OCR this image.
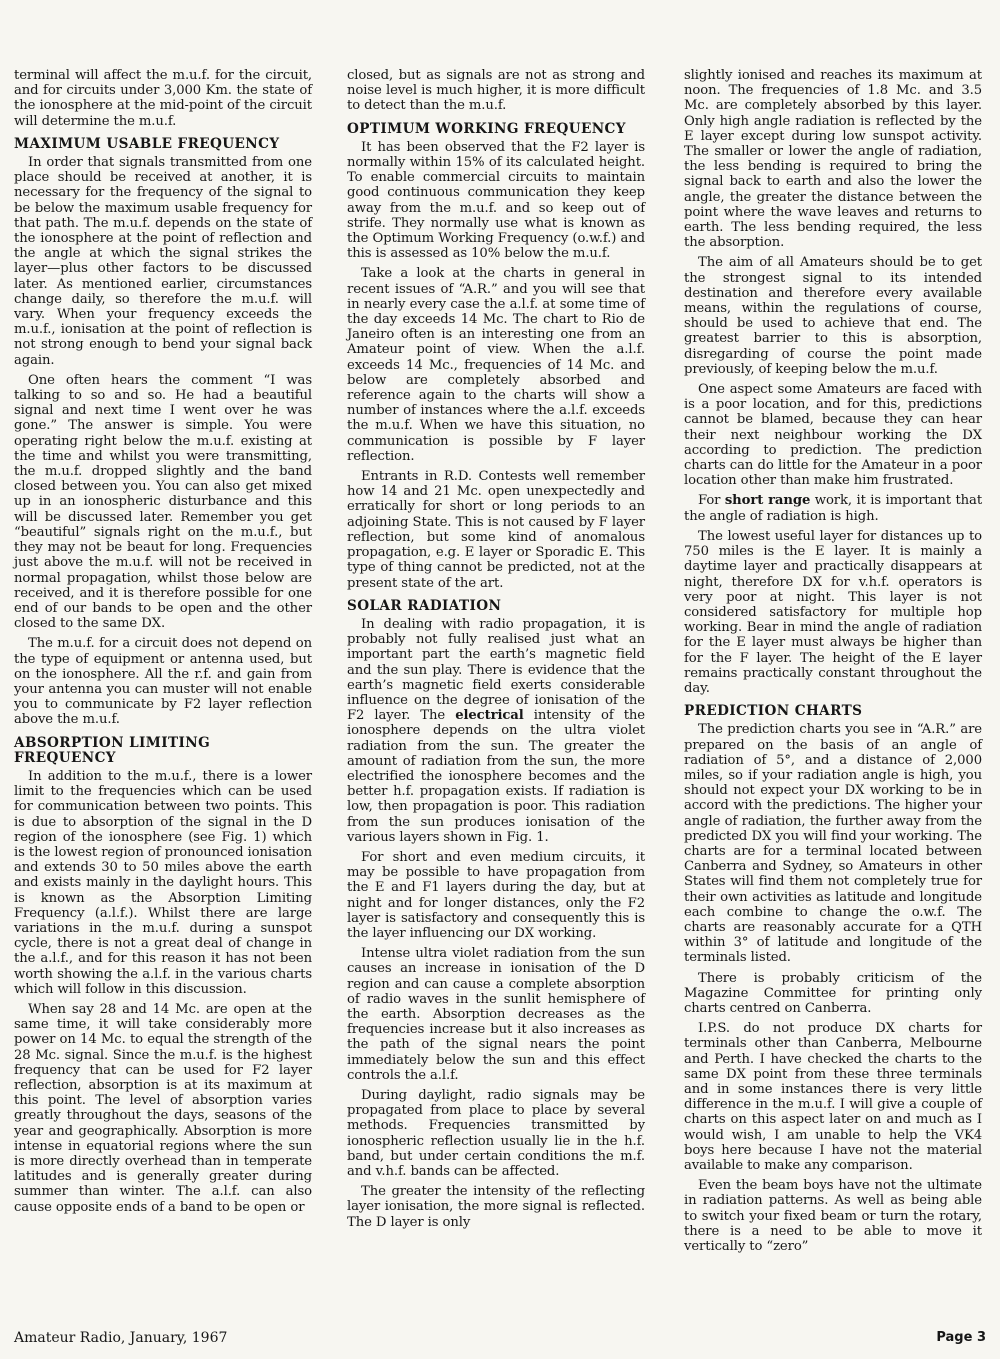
terminal will affect the m.u.f. for the circuit, and for circuits under 3,000 Km. the state of the ionosphere at the mid-point of the circuit will determine the m.u.f.

MAXIMUM USABLE FREQUENCY

In order that signals transmitted from one place should be received at another, it is necessary for the frequency of the signal to be below the maximum usable frequency for that path. The m.u.f. depends on the state of the ionosphere at the point of reflection and the angle at which the signal strikes the layer—plus other factors to be discussed later. As mentioned earlier, circumstances change daily, so therefore the m.u.f. will vary. When your frequency exceeds the m.u.f., ionisation at the point of reflection is not strong enough to bend your signal back again.

One often hears the comment “I was talking to so and so. He had a beautiful signal and next time I went over he was gone.” The answer is simple. You were operating right below the m.u.f. existing at the time and whilst you were transmitting, the m.u.f. dropped slightly and the band closed between you. You can also get mixed up in an ionospheric disturbance and this will be discussed later. Remember you get “beautiful” signals right on the m.u.f., but they may not be beaut for long. Frequencies just above the m.u.f. will not be received in normal propagation, whilst those below are received, and it is therefore possible for one end of our bands to be open and the other closed to the same DX.

The m.u.f. for a circuit does not depend on the type of equipment or antenna used, but on the ionosphere. All the r.f. and gain from your antenna you can muster will not enable you to communicate by F2 layer reflection above the m.u.f.

ABSORPTION LIMITING FREQUENCY

In addition to the m.u.f., there is a lower limit to the frequencies which can be used for communication between two points. This is due to absorption of the signal in the D region of the ionosphere (see Fig. 1) which is the lowest region of pronounced ionisation and extends 30 to 50 miles above the earth and exists mainly in the daylight hours. This is known as the Absorption Limiting Frequency (a.l.f.). Whilst there are large variations in the m.u.f. during a sunspot cycle, there is not a great deal of change in the a.l.f., and for this reason it has not been worth showing the a.l.f. in the various charts which will follow in this discussion.

When say 28 and 14 Mc. are open at the same time, it will take considerably more power on 14 Mc. to equal the strength of the 28 Mc. signal. Since the m.u.f. is the highest frequency that can be used for F2 layer reflection, absorption is at its maximum at this point. The level of absorption varies greatly throughout the days, seasons of the year and geographically. Absorption is more intense in equatorial regions where the sun is more directly overhead than in temperate latitudes and is generally greater during summer than winter. The a.l.f. can also cause opposite ends of a band to be open or

closed, but as signals are not as strong and noise level is much higher, it is more difficult to detect than the m.u.f.

OPTIMUM WORKING FREQUENCY

It has been observed that the F2 layer is normally within 15% of its calculated height. To enable commercial circuits to maintain good continuous communication they keep away from the m.u.f. and so keep out of strife. They normally use what is known as the Optimum Working Frequency (o.w.f.) and this is assessed as 10% below the m.u.f.

Take a look at the charts in general in recent issues of “A.R.” and you will see that in nearly every case the a.l.f. at some time of the day exceeds 14 Mc. The chart to Rio de Janeiro often is an interesting one from an Amateur point of view. When the a.l.f. exceeds 14 Mc., frequencies of 14 Mc. and below are completely absorbed and reference again to the charts will show a number of instances where the a.l.f. exceeds the m.u.f. When we have this situation, no communication is possible by F layer reflection.

Entrants in R.D. Contests well remember how 14 and 21 Mc. open unexpectedly and erratically for short or long periods to an adjoining State. This is not caused by F layer reflection, but some kind of anomalous propagation, e.g. E layer or Sporadic E. This type of thing cannot be predicted, not at the present state of the art.

SOLAR RADIATION

In dealing with radio propagation, it is probably not fully realised just what an important part the earth’s magnetic field and the sun play. There is evidence that the earth’s magnetic field exerts considerable influence on the degree of ionisation of the F2 layer. The electrical intensity of the ionosphere depends on the ultra violet radiation from the sun. The greater the amount of radiation from the sun, the more electrified the ionosphere becomes and the better h.f. propagation exists. If radiation is low, then propagation is poor. This radiation from the sun produces ionisation of the various layers shown in Fig. 1.

For short and even medium circuits, it may be possible to have propagation from the E and F1 layers during the day, but at night and for longer distances, only the F2 layer is satisfactory and consequently this is the layer influencing our DX working.

Intense ultra violet radiation from the sun causes an increase in ionisation of the D region and can cause a complete absorption of radio waves in the sunlit hemisphere of the earth. Absorption decreases as the frequencies increase but it also increases as the path of the signal nears the point immediately below the sun and this effect controls the a.l.f.

During daylight, radio signals may be propagated from place to place by several methods. Frequencies transmitted by ionospheric reflection usually lie in the h.f. band, but under certain conditions the m.f. and v.h.f. bands can be affected.

The greater the intensity of the reflecting layer ionisation, the more signal is reflected. The D layer is only

slightly ionised and reaches its maximum at noon. The frequencies of 1.8 Mc. and 3.5 Mc. are completely absorbed by this layer. Only high angle radiation is reflected by the E layer except during low sunspot activity. The smaller or lower the angle of radiation, the less bending is required to bring the signal back to earth and also the lower the angle, the greater the distance between the point where the wave leaves and returns to earth. The less bending required, the less the absorption.

The aim of all Amateurs should be to get the strongest signal to its intended destination and therefore every available means, within the regulations of course, should be used to achieve that end. The greatest barrier to this is absorption, disregarding of course the point made previously, of keeping below the m.u.f.

One aspect some Amateurs are faced with is a poor location, and for this, predictions cannot be blamed, because they can hear their next neighbour working the DX according to prediction. The prediction charts can do little for the Amateur in a poor location other than make him frustrated.

For short range work, it is important that the angle of radiation is high.

The lowest useful layer for distances up to 750 miles is the E layer. It is mainly a daytime layer and practically disappears at night, therefore DX for v.h.f. operators is very poor at night. This layer is not considered satisfactory for multiple hop working. Bear in mind the angle of radiation for the E layer must always be higher than for the F layer. The height of the E layer remains practically constant throughout the day.

PREDICTION CHARTS

The prediction charts you see in “A.R.” are prepared on the basis of an angle of radiation of 5°, and a distance of 2,000 miles, so if your radiation angle is high, you should not expect your DX working to be in accord with the predictions. The higher your angle of radiation, the further away from the predicted DX you will find your working. The charts are for a terminal located between Canberra and Sydney, so Amateurs in other States will find them not completely true for their own activities as latitude and longitude each combine to change the o.w.f. The charts are reasonably accurate for a QTH within 3° of latitude and longitude of the terminals listed.

There is probably criticism of the Magazine Committee for printing only charts centred on Canberra.

I.P.S. do not produce DX charts for terminals other than Canberra, Melbourne and Perth. I have checked the charts to the same DX point from these three terminals and in some instances there is very little difference in the m.u.f. I will give a couple of charts on this aspect later on and much as I would wish, I am unable to help the VK4 boys here because I have not the material available to make any comparison.

Even the beam boys have not the ultimate in radiation patterns. As well as being able to switch your fixed beam or turn the rotary, there is a need to be able to move it vertically to “zero”

Amateur Radio, January, 1967	Page 3
